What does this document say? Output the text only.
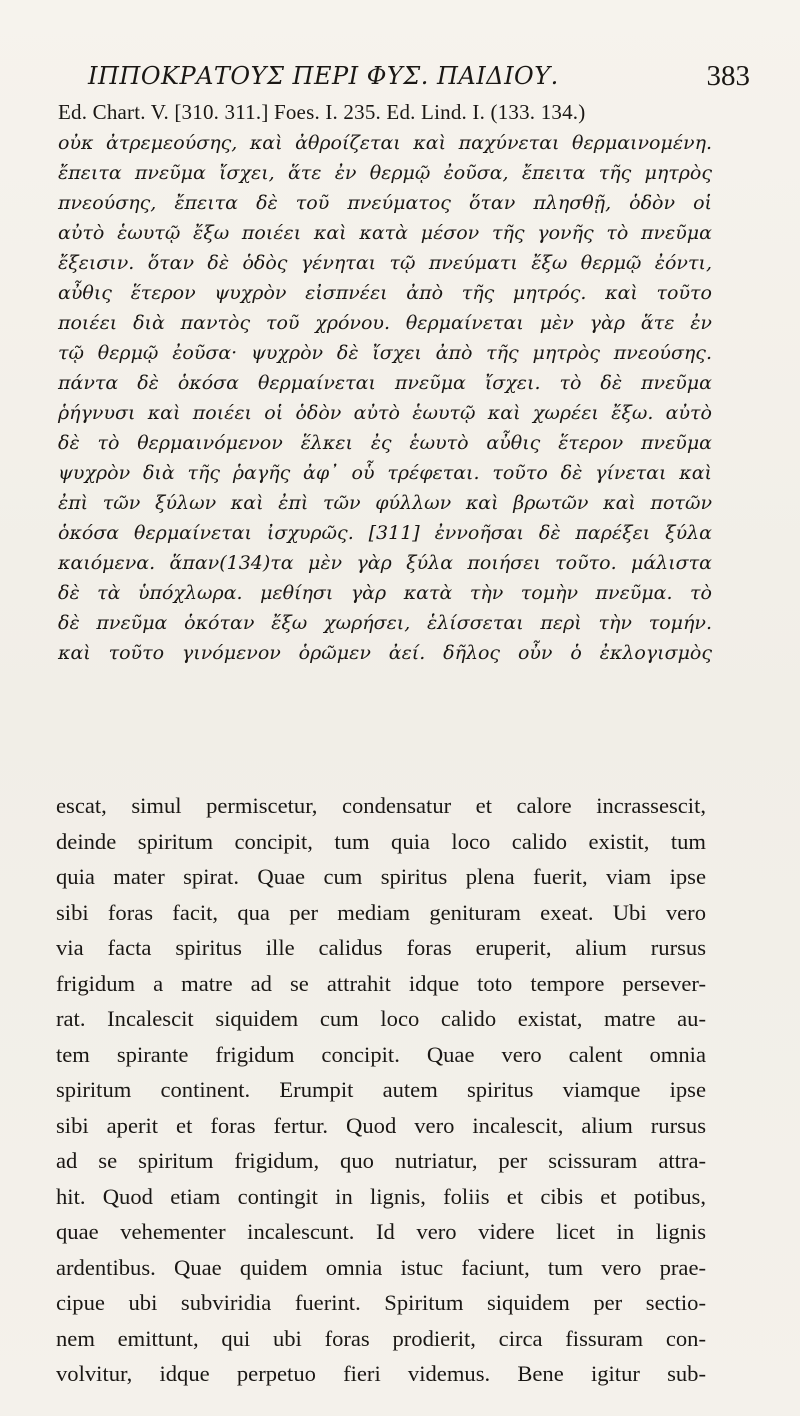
ΙΠΠΟΚΡΑΤΟΥΣ ΠΕΡΙ ΦΥΣ. ΠΑΙΔΙΟΥ.	383
Ed. Chart. V. [310. 311.] Foes. I. 235. Ed. Lind. I. (133. 134.)
οὐκ ἀτρεμεούσης, καὶ ἀθροίζεται καὶ παχύνεται θερμαινομένη.
ἔπειτα πνεῦμα ἴσχει, ἅτε ἐν θερμῷ ἐοῦσα, ἔπειτα τῆς μητρὸς
πνεούσης, ἔπειτα δὲ τοῦ πνεύματος ὅταν πλησθῇ, ὁδὸν οἱ
αὐτὸ ἑωυτῷ ἔξω ποιέει καὶ κατὰ μέσον τῆς γονῆς τὸ πνεῦμα
ἔξεισιν. ὅταν δὲ ὁδὸς γένηται τῷ πνεύματι ἔξω θερμῷ ἐόντι,
αὖθις ἕτερον ψυχρὸν εἰσπνέει ἀπὸ τῆς μητρός. καὶ τοῦτο
ποιέει διὰ παντὸς τοῦ χρόνου. θερμαίνεται μὲν γὰρ ἅτε ἐν
τῷ θερμῷ ἐοῦσα· ψυχρὸν δὲ ἴσχει ἀπὸ τῆς μητρὸς πνεούσης.
πάντα δὲ ὁκόσα θερμαίνεται πνεῦμα ἴσχει. τὸ δὲ πνεῦμα
ῥήγνυσι καὶ ποιέει οἱ ὁδὸν αὐτὸ ἑωυτῷ καὶ χωρέει ἔξω. αὐτὸ
δὲ τὸ θερμαινόμενον ἕλκει ἐς ἑωυτὸ αὖθις ἕτερον πνεῦμα
ψυχρὸν διὰ τῆς ῥαγῆς ἀφ᾽ οὗ τρέφεται. τοῦτο δὲ γίνεται καὶ
ἐπὶ τῶν ξύλων καὶ ἐπὶ τῶν φύλλων καὶ βρωτῶν καὶ ποτῶν
ὁκόσα θερμαίνεται ἰσχυρῶς. [311] ἐννοῆσαι δὲ παρέξει ξύλα
καιόμενα. ἅπαν(134)τα μὲν γὰρ ξύλα ποιήσει τοῦτο. μάλιστα
δὲ τὰ ὑπόχλωρα. μεθίησι γὰρ κατὰ τὴν τομὴν πνεῦμα. τὸ
δὲ πνεῦμα ὁκόταν ἔξω χωρήσει, ἑλίσσεται περὶ τὴν τομήν.
καὶ τοῦτο γινόμενον ὁρῶμεν ἀεί. δῆλος οὖν ὁ ἐκλογισμὸς
escat, simul permiscetur, condensatur et calore incrassescit,
deinde spiritum concipit, tum quia loco calido existit, tum
quia mater spirat. Quae cum spiritus plena fuerit, viam ipse
sibi foras facit, qua per mediam genituram exeat. Ubi vero
via facta spiritus ille calidus foras eruperit, alium rursus
frigidum a matre ad se attrahit idque toto tempore persever-
rat. Incalescit siquidem cum loco calido existat, matre au-
tem spirante frigidum concipit. Quae vero calent omnia
spiritum continent. Erumpit autem spiritus viamque ipse
sibi aperit et foras fertur. Quod vero incalescit, alium rursus
ad se spiritum frigidum, quo nutriatur, per scissuram attra-
hit. Quod etiam contingit in lignis, foliis et cibis et potibus,
quae vehementer incalescunt. Id vero videre licet in lignis
ardentibus. Quae quidem omnia istuc faciunt, tum vero prae-
cipue ubi subviridia fuerint. Spiritum siquidem per sectio-
nem emittunt, qui ubi foras prodierit, circa fissuram con-
volvitur, idque perpetuo fieri videmus. Bene igitur sub-
